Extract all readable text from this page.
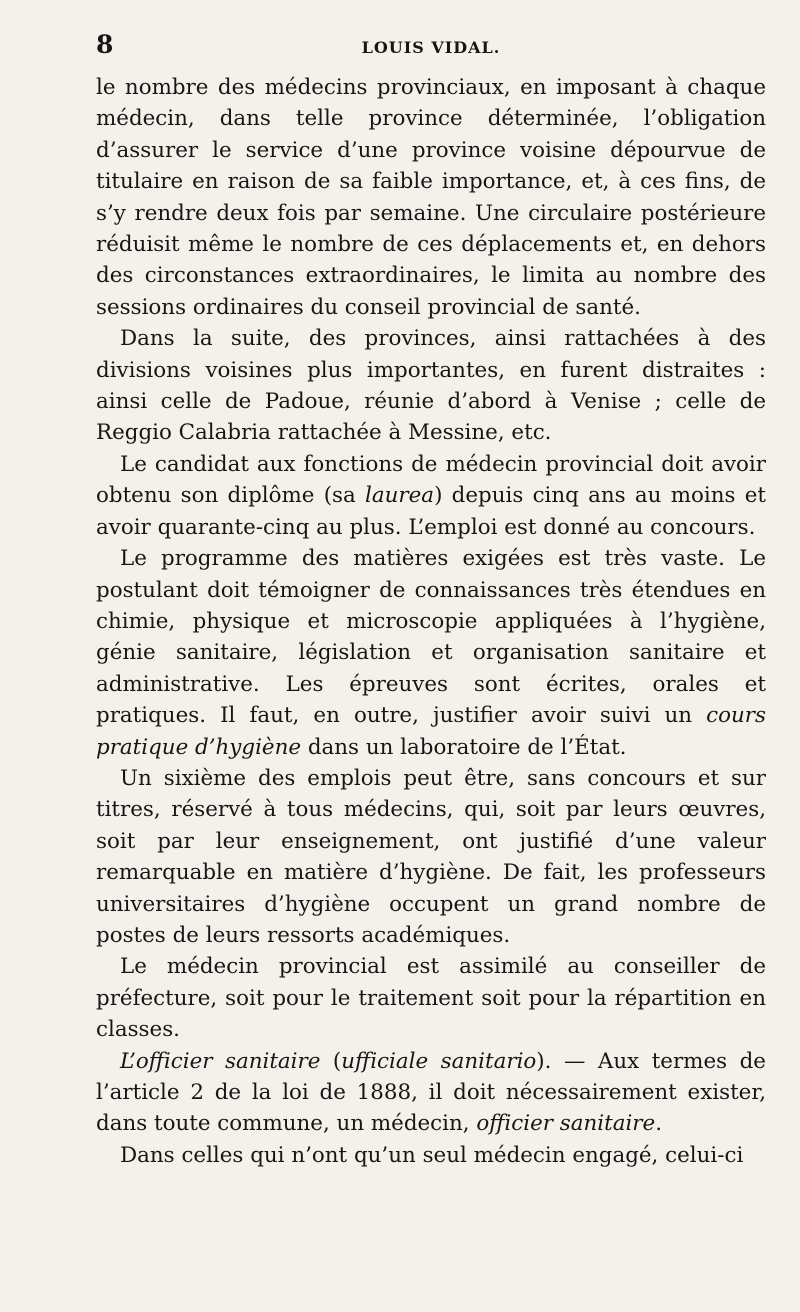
8	LOUIS VIDAL.

le nombre des médecins provinciaux, en imposant à chaque médecin, dans telle province déterminée, l’obligation d’assurer le service d’une province voisine dépourvue de titulaire en raison de sa faible importance, et, à ces fins, de s’y rendre deux fois par semaine. Une circulaire postérieure réduisit même le nombre de ces déplacements et, en dehors des circonstances extraordinaires, le limita au nombre des sessions ordinaires du conseil provincial de santé.

Dans la suite, des provinces, ainsi rattachées à des divisions voisines plus importantes, en furent distraites : ainsi celle de Padoue, réunie d’abord à Venise ; celle de Reggio Calabria rattachée à Messine, etc.

Le candidat aux fonctions de médecin provincial doit avoir obtenu son diplôme (sa laurea) depuis cinq ans au moins et avoir quarante-cinq au plus. L’emploi est donné au concours.

Le programme des matières exigées est très vaste. Le postulant doit témoigner de connaissances très étendues en chimie, physique et microscopie appliquées à l’hygiène, génie sanitaire, législation et organisation sanitaire et administrative. Les épreuves sont écrites, orales et pratiques. Il faut, en outre, justifier avoir suivi un cours pratique d’hygiène dans un laboratoire de l’État.

Un sixième des emplois peut être, sans concours et sur titres, réservé à tous médecins, qui, soit par leurs œuvres, soit par leur enseignement, ont justifié d’une valeur remarquable en matière d’hygiène. De fait, les professeurs universitaires d’hygiène occupent un grand nombre de postes de leurs ressorts académiques.

Le médecin provincial est assimilé au conseiller de préfecture, soit pour le traitement soit pour la répartition en classes.

L’officier sanitaire (ufficiale sanitario). — Aux termes de l’article 2 de la loi de 1888, il doit nécessairement exister, dans toute commune, un médecin, officier sanitaire.

Dans celles qui n’ont qu’un seul médecin engagé, celui-ci
